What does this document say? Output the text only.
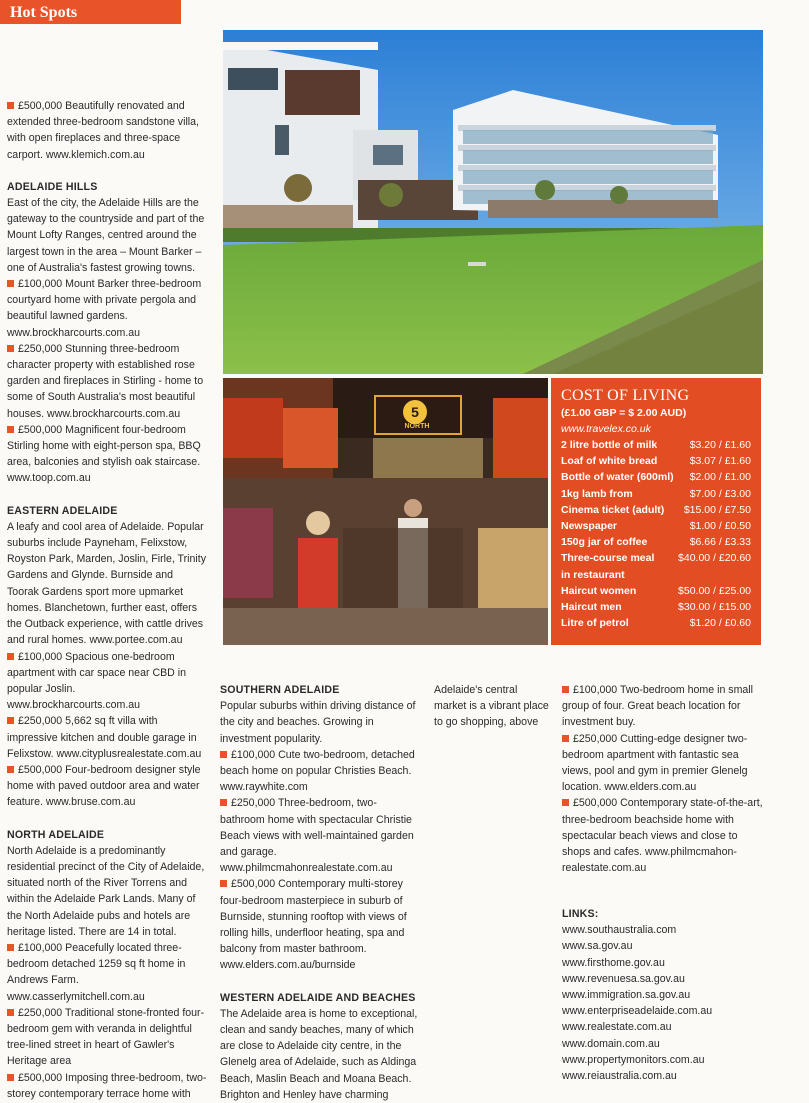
Hot Spots

£500,000 Beautifully renovated and extended three-bedroom sandstone villa, with open fireplaces and three-space carport. www.klemich.com.au

ADELAIDE HILLS

East of the city, the Adelaide Hills are the gateway to the countryside and part of the Mount Lofty Ranges, centred around the largest town in the area – Mount Barker – one of Australia's fastest growing towns.

£100,000 Mount Barker three-bedroom courtyard home with private pergola and beautiful lawned gardens. www.brockharcourts.com.au

£250,000 Stunning three-bedroom character property with established rose garden and fireplaces in Stirling - home to some of South Australia's most beautiful houses. www.brockharcourts.com.au

£500,000 Magnificent four-bedroom Stirling home with eight-person spa, BBQ area, balconies and stylish oak staircase. www.toop.com.au

EASTERN ADELAIDE

A leafy and cool area of Adelaide. Popular suburbs include Payneham, Felixstow, Royston Park, Marden, Joslin, Firle, Trinity Gardens and Glynde. Burnside and Toorak Gardens sport more upmarket homes. Blanchetown, further east, offers the Outback experience, with cattle drives and rural homes. www.portee.com.au

£100,000 Spacious one-bedroom apartment with car space near CBD in popular Joslin. www.brockharcourts.com.au

£250,000 5,662 sq ft villa with impressive kitchen and double garage in Felixstow. www.cityplusrealestate.com.au

£500,000 Four-bedroom designer style home with paved outdoor area and water feature. www.bruse.com.au

NORTH ADELAIDE

North Adelaide is a predominantly residential precinct of the City of Adelaide, situated north of the River Torrens and within the Adelaide Park Lands. Many of the North Adelaide pubs and hotels are heritage listed. There are 14 in total.

£100,000 Peacefully located three-bedroom detached 1259 sq ft home in Andrews Farm. www.casserlymitchell.com.au

£250,000 Traditional stone-fronted four-bedroom gem with veranda in delightful tree-lined street in heart of Gawler's Heritage area

£500,000 Imposing three-bedroom, two-storey contemporary terrace home with

5
NORTH
COST OF LIVING
(£1.00 GBP = $ 2.00 AUD)
www.travelex.co.uk
2 litre bottle of milk	$3.20 / £1.60
Loaf of white bread	$3.07 / £1.60
Bottle of water (600ml) $2.00 / £1.00
1kg lamb from	$7.00 / £3.00
Cinema ticket (adult) $15.00 / £7.50
Newspaper	$1.00 / £0.50
150g jar of coffee	$6.66 / £3.33
Three-course meal $40.00 / £20.60
in restaurant
Haircut women	$50.00 / £25.00
Haircut men	$30.00 / £15.00
Litre of petrol	$1.20 / £0.60
SOUTHERN ADELAIDE

Popular suburbs within driving distance of the city and beaches. Growing in investment popularity.

£100,000 Cute two-bedroom, detached beach home on popular Christies Beach. www.raywhite.com

£250,000 Three-bedroom, two-bathroom home with spectacular Christie Beach views with well-maintained garden and garage. www.philmcmahonrealestate.com.au

£500,000 Contemporary multi-storey four-bedroom masterpiece in suburb of Burnside, stunning rooftop with views of rolling hills, underfloor heating, spa and balcony from master bathroom. www.elders.com.au/burnside

WESTERN ADELAIDE AND BEACHES

The Adelaide area is home to exceptional, clean and sandy beaches, many of which are close to Adelaide city centre, in the Glenelg area of Adelaide, such as Aldinga Beach, Maslin Beach and Moana Beach. Brighton and Henley have charming

Adelaide's central market is a vibrant place to go shopping, above

£100,000 Two-bedroom home in small group of four. Great beach location for investment buy.

£250,000 Cutting-edge designer two-bedroom apartment with fantastic sea views, pool and gym in premier Glenelg location. www.elders.com.au

£500,000 Contemporary state-of-the-art, three-bedroom beachside home with spectacular beach views and close to shops and cafes. www.philmcmahon-realestate.com.au

LINKS:

www.southaustralia.com

www.sa.gov.au

www.firsthome.gov.au

www.revenuesa.sa.gov.au

www.immigration.sa.gov.au

www.enterpriseadelaide.com.au

www.realestate.com.au

www.domain.com.au

www.propertymonitors.com.au

www.reiaustralia.com.au
